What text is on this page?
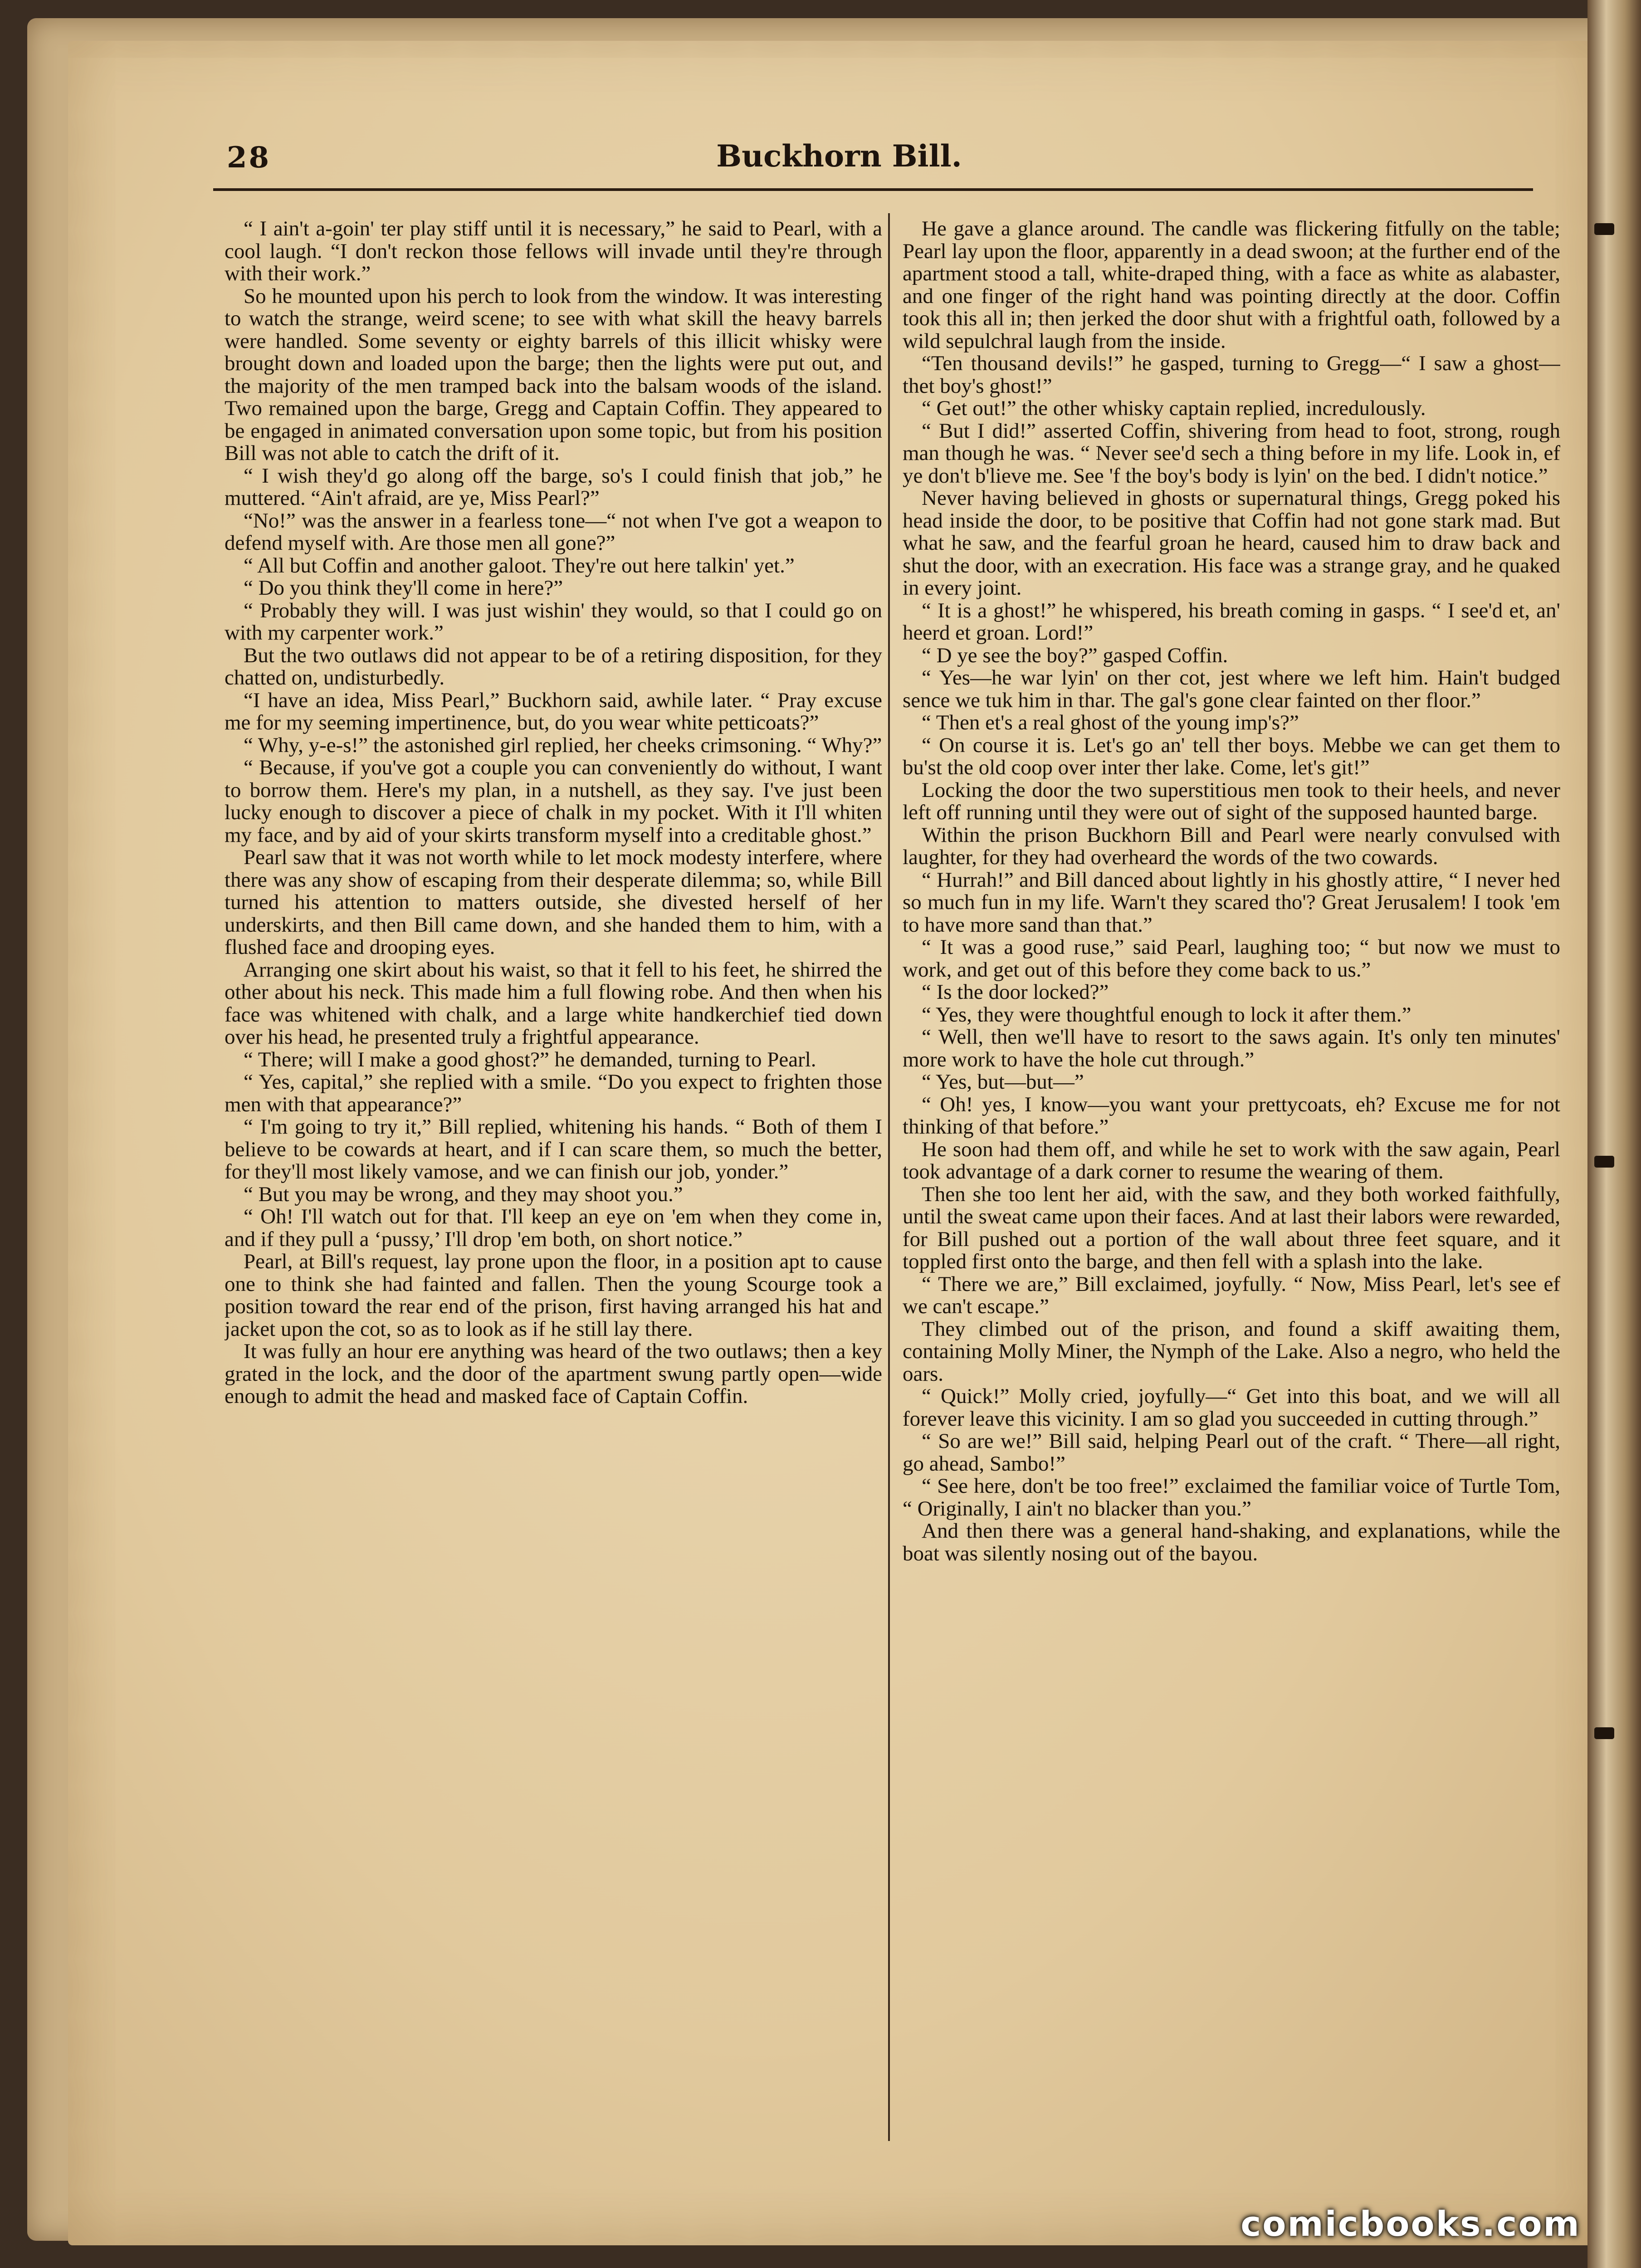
28	Buckhorn Bill.

“ I ain't a-goin' ter play stiff until it is necessary,” he said to Pearl, with a cool laugh. “I don't reckon those fellows will invade until they're through with their work.”

So he mounted upon his perch to look from the window. It was interesting to watch the strange, weird scene; to see with what skill the heavy barrels were handled. Some seventy or eighty barrels of this illicit whisky were brought down and loaded upon the barge; then the lights were put out, and the majority of the men tramped back into the balsam woods of the island. Two remained upon the barge, Gregg and Captain Coffin. They appeared to be engaged in animated conversation upon some topic, but from his position Bill was not able to catch the drift of it.

“ I wish they'd go along off the barge, so's I could finish that job,” he muttered. “Ain't afraid, are ye, Miss Pearl?”

“No!” was the answer in a fearless tone—“ not when I've got a weapon to defend myself with. Are those men all gone?”

“ All but Coffin and another galoot. They're out here talkin' yet.”

“ Do you think they'll come in here?”

“ Probably they will. I was just wishin' they would, so that I could go on with my carpenter work.”

But the two outlaws did not appear to be of a retiring disposition, for they chatted on, undisturbedly.

“I have an idea, Miss Pearl,” Buckhorn said, awhile later. “ Pray excuse me for my seeming impertinence, but, do you wear white petticoats?”

“ Why, y-e-s!” the astonished girl replied, her cheeks crimsoning. “ Why?”

“ Because, if you've got a couple you can conveniently do without, I want to borrow them. Here's my plan, in a nutshell, as they say. I've just been lucky enough to discover a piece of chalk in my pocket. With it I'll whiten my face, and by aid of your skirts transform myself into a creditable ghost.”

Pearl saw that it was not worth while to let mock modesty interfere, where there was any show of escaping from their desperate dilemma; so, while Bill turned his attention to matters outside, she divested herself of her underskirts, and then Bill came down, and she handed them to him, with a flushed face and drooping eyes.

Arranging one skirt about his waist, so that it fell to his feet, he shirred the other about his neck. This made him a full flowing robe. And then when his face was whitened with chalk, and a large white handkerchief tied down over his head, he presented truly a frightful appearance.

“ There; will I make a good ghost?” he demanded, turning to Pearl.

“ Yes, capital,” she replied with a smile. “Do you expect to frighten those men with that appearance?”

“ I'm going to try it,” Bill replied, whitening his hands. “ Both of them I believe to be cowards at heart, and if I can scare them, so much the better, for they'll most likely vamose, and we can finish our job, yonder.”

“ But you may be wrong, and they may shoot you.”

“ Oh! I'll watch out for that. I'll keep an eye on 'em when they come in, and if they pull a ‘pussy,’ I'll drop 'em both, on short notice.”

Pearl, at Bill's request, lay prone upon the floor, in a position apt to cause one to think she had fainted and fallen. Then the young Scourge took a position toward the rear end of the prison, first having arranged his hat and jacket upon the cot, so as to look as if he still lay there.

It was fully an hour ere anything was heard of the two outlaws; then a key grated in the lock, and the door of the apartment swung partly open—wide enough to admit the head and masked face of Captain Coffin.

He gave a glance around. The candle was flickering fitfully on the table; Pearl lay upon the floor, apparently in a dead swoon; at the further end of the apartment stood a tall, white-draped thing, with a face as white as alabaster, and one finger of the right hand was pointing directly at the door. Coffin took this all in; then jerked the door shut with a frightful oath, followed by a wild sepulchral laugh from the inside.

“Ten thousand devils!” he gasped, turning to Gregg—“ I saw a ghost—thet boy's ghost!”

“ Get out!” the other whisky captain replied, incredulously.

“ But I did!” asserted Coffin, shivering from head to foot, strong, rough man though he was. “ Never see'd sech a thing before in my life. Look in, ef ye don't b'lieve me. See 'f the boy's body is lyin' on the bed. I didn't notice.”

Never having believed in ghosts or supernatural things, Gregg poked his head inside the door, to be positive that Coffin had not gone stark mad. But what he saw, and the fearful groan he heard, caused him to draw back and shut the door, with an execration. His face was a strange gray, and he quaked in every joint.

“ It is a ghost!” he whispered, his breath coming in gasps. “ I see'd et, an' heerd et groan. Lord!”

“ D ye see the boy?” gasped Coffin.

“ Yes—he war lyin' on ther cot, jest where we left him. Hain't budged sence we tuk him in thar. The gal's gone clear fainted on ther floor.”

“ Then et's a real ghost of the young imp's?”

“ On course it is. Let's go an' tell ther boys. Mebbe we can get them to bu'st the old coop over inter ther lake. Come, let's git!”

Locking the door the two superstitious men took to their heels, and never left off running until they were out of sight of the supposed haunted barge.

Within the prison Buckhorn Bill and Pearl were nearly convulsed with laughter, for they had overheard the words of the two cowards.

“ Hurrah!” and Bill danced about lightly in his ghostly attire, “ I never hed so much fun in my life. Warn't they scared tho'? Great Jerusalem! I took 'em to have more sand than that.”

“ It was a good ruse,” said Pearl, laughing too; “ but now we must to work, and get out of this before they come back to us.”

“ Is the door locked?”

“ Yes, they were thoughtful enough to lock it after them.”

“ Well, then we'll have to resort to the saws again. It's only ten minutes' more work to have the hole cut through.”

“ Yes, but—but—”

“ Oh! yes, I know—you want your prettycoats, eh? Excuse me for not thinking of that before.”

He soon had them off, and while he set to work with the saw again, Pearl took advantage of a dark corner to resume the wearing of them.

Then she too lent her aid, with the saw, and they both worked faithfully, until the sweat came upon their faces. And at last their labors were rewarded, for Bill pushed out a portion of the wall about three feet square, and it toppled first onto the barge, and then fell with a splash into the lake.

“ There we are,” Bill exclaimed, joyfully. “ Now, Miss Pearl, let's see ef we can't escape.”

They climbed out of the prison, and found a skiff awaiting them, containing Molly Miner, the Nymph of the Lake. Also a negro, who held the oars.

“ Quick!” Molly cried, joyfully—“ Get into this boat, and we will all forever leave this vicinity. I am so glad you succeeded in cutting through.”

“ So are we!” Bill said, helping Pearl out of the craft. “ There—all right, go ahead, Sambo!”

“ See here, don't be too free!” exclaimed the familiar voice of Turtle Tom, “ Originally, I ain't no blacker than you.”

And then there was a general hand-shaking, and explanations, while the boat was silently nosing out of the bayou.

comicbooks.com
